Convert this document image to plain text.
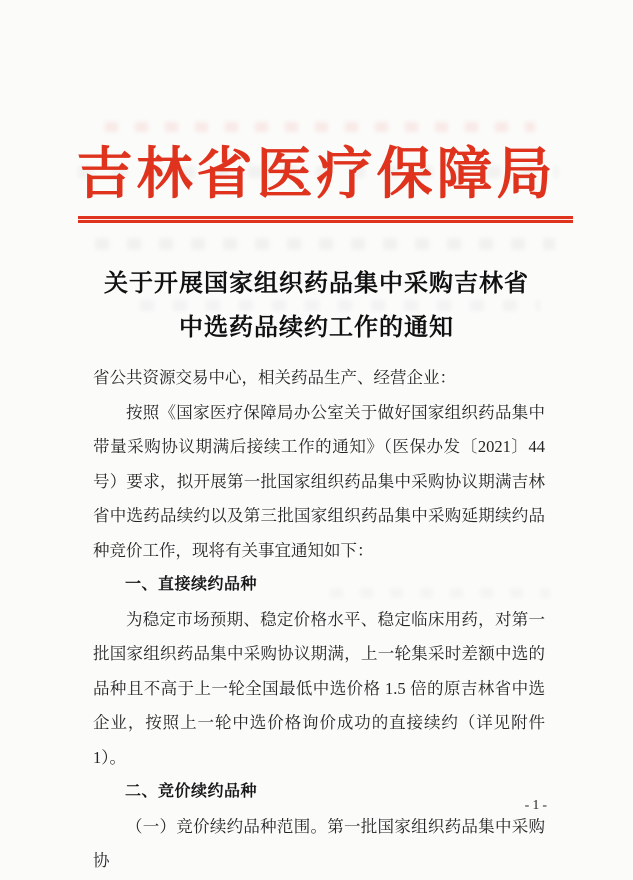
吉林省医疗保障局
关于开展国家组织药品集中采购吉林省
中选药品续约工作的通知

省公共资源交易中心，相关药品生产、经营企业：

按照《国家医疗保障局办公室关于做好国家组织药品集中带量采购协议期满后接续工作的通知》（医保办发〔2021〕44 号）要求，拟开展第一批国家组织药品集中采购协议期满吉林省中选药品续约以及第三批国家组织药品集中采购延期续约品种竞价工作，现将有关事宜通知如下：

一、直接续约品种

为稳定市场预期、稳定价格水平、稳定临床用药，对第一批国家组织药品集中采购协议期满，上一轮集采时差额中选的品种且不高于上一轮全国最低中选价格 1.5 倍的原吉林省中选企业，按照上一轮中选价格询价成功的直接续约（详见附件 1）。

二、竞价续约品种

（一）竞价续约品种范围。第一批国家组织药品集中采购协

-1-
